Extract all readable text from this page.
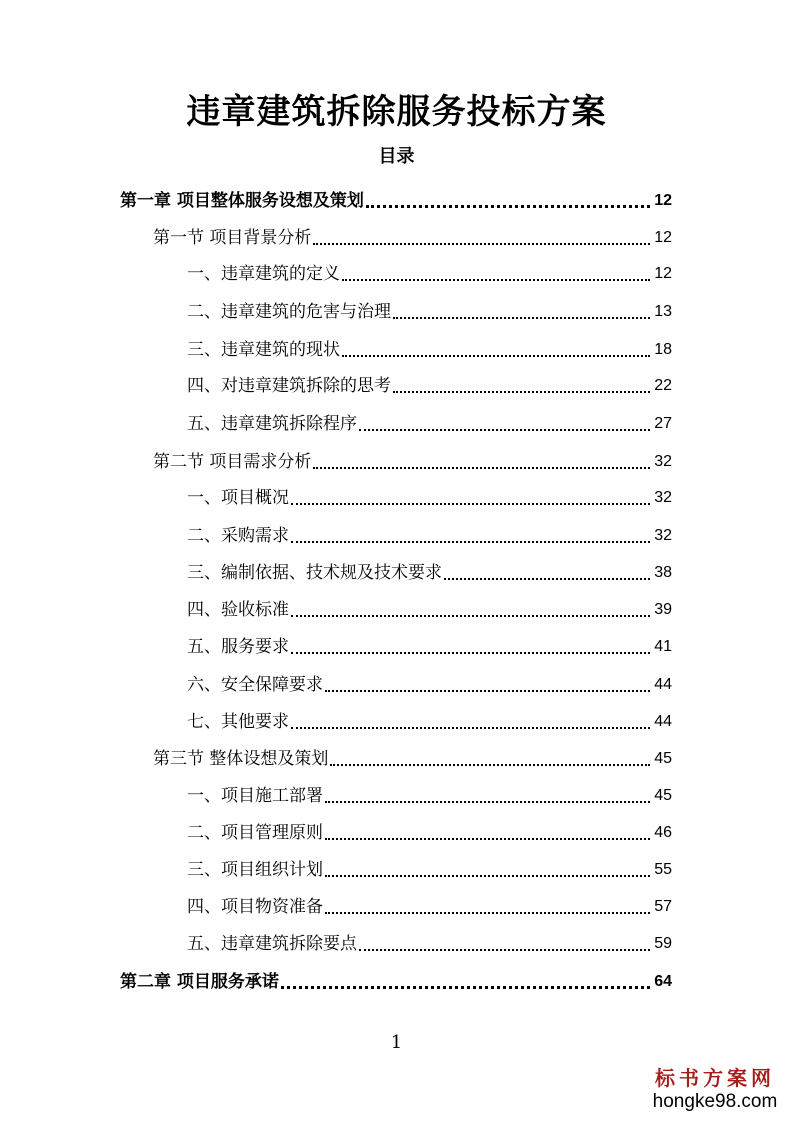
违章建筑拆除服务投标方案
目录
第一章 项目整体服务设想及策划	12
第一节 项目背景分析	12
一、违章建筑的定义	12
二、违章建筑的危害与治理	13
三、违章建筑的现状	18
四、对违章建筑拆除的思考	22
五、违章建筑拆除程序	27
第二节 项目需求分析	32
一、项目概况	32
二、采购需求	32
三、编制依据、技术规及技术要求	38
四、验收标准	39
五、服务要求	41
六、安全保障要求	44
七、其他要求	44
第三节 整体设想及策划	45
一、项目施工部署	45
二、项目管理原则	46
三、项目组织计划	55
四、项目物资准备	57
五、违章建筑拆除要点	59
第二章 项目服务承诺	64
1
标书方案网
hongke98.com
